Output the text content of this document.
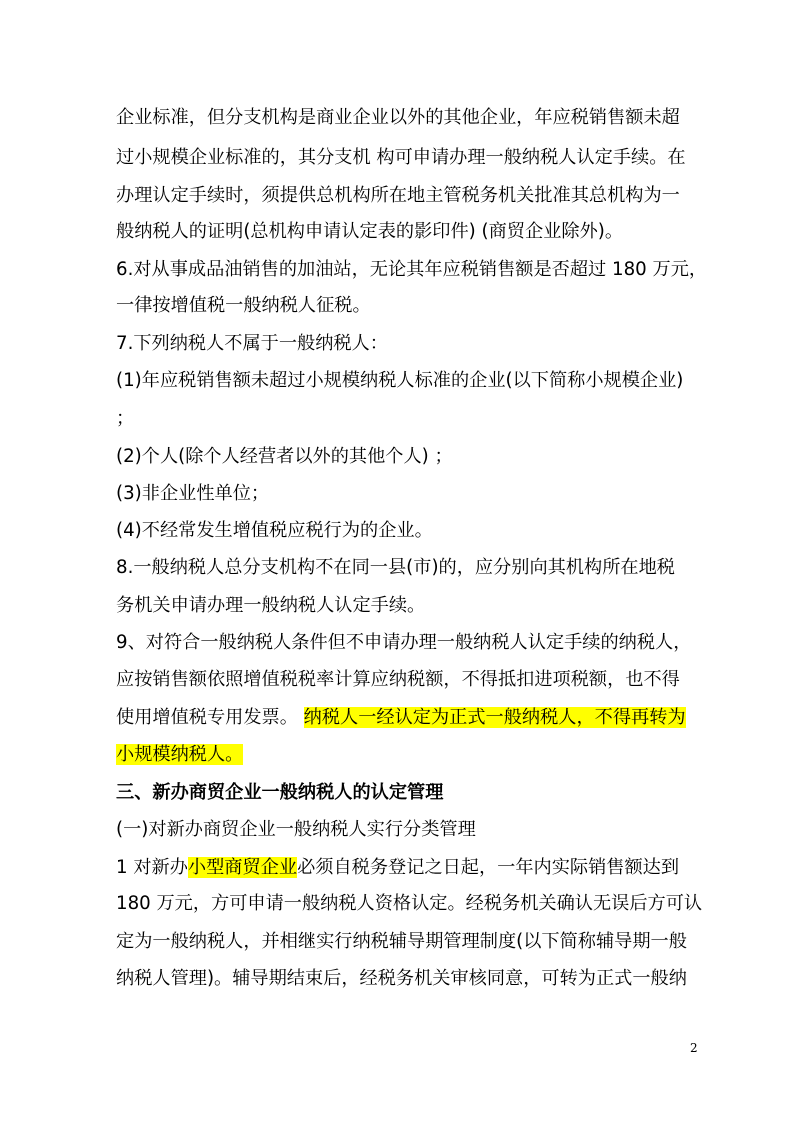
企业标准，但分支机构是商业企业以外的其他企业，年应税销售额未超
过小规模企业标准的，其分支机 构可申请办理一般纳税人认定手续。在
办理认定手续时，须提供总机构所在地主管税务机关批准其总机构为一
般纳税人的证明(总机构申请认定表的影印件) (商贸企业除外)。
6.对从事成品油销售的加油站，无论其年应税销售额是否超过 180 万元，
一律按增值税一般纳税人征税。
7.下列纳税人不属于一般纳税人：
(1)年应税销售额未超过小规模纳税人标准的企业(以下简称小规模企业)
；
(2)个人(除个人经营者以外的其他个人) ；
(3)非企业性单位；
(4)不经常发生增值税应税行为的企业。
8.一般纳税人总分支机构不在同一县(市)的，应分别向其机构所在地税
务机关申请办理一般纳税人认定手续。
9、对符合一般纳税人条件但不申请办理一般纳税人认定手续的纳税人，
应按销售额依照增值税税率计算应纳税额，不得抵扣进项税额，也不得
使用增值税专用发票。 纳税人一经认定为正式一般纳税人，不得再转为
小规模纳税人。
三、新办商贸企业一般纳税人的认定管理
(一)对新办商贸企业一般纳税人实行分类管理
1 对新办小型商贸企业必须自税务登记之日起，一年内实际销售额达到
180 万元，方可申请一般纳税人资格认定。经税务机关确认无误后方可认
定为一般纳税人，并相继实行纳税辅导期管理制度(以下简称辅导期一般
纳税人管理)。辅导期结束后，经税务机关审核同意，可转为正式一般纳
2
